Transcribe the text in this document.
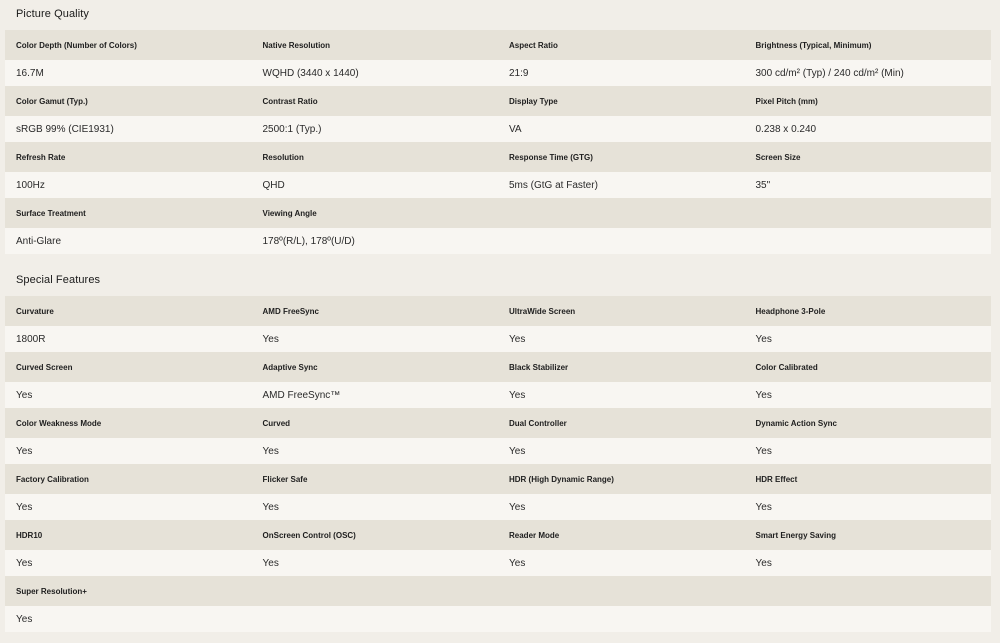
Picture Quality
Color Depth (Number of Colors)	Native Resolution	Aspect Ratio	Brightness (Typical, Minimum)
16.7M	WQHD (3440 x 1440)	21:9	300 cd/m² (Typ) / 240 cd/m² (Min)
Color Gamut (Typ.)	Contrast Ratio	Display Type	Pixel Pitch (mm)
sRGB 99% (CIE1931)	2500:1 (Typ.)	VA	0.238 x 0.240
Refresh Rate	Resolution	Response Time (GTG)	Screen Size
100Hz	QHD	5ms (GtG at Faster)	35"
Surface Treatment	Viewing Angle
Anti-Glare	178º(R/L), 178º(U/D)
Special Features
Curvature	AMD FreeSync	UltraWide Screen	Headphone 3-Pole
1800R	Yes	Yes	Yes
Curved Screen	Adaptive Sync	Black Stabilizer	Color Calibrated
Yes	AMD FreeSync™	Yes	Yes
Color Weakness Mode	Curved	Dual Controller	Dynamic Action Sync
Yes	Yes	Yes	Yes
Factory Calibration	Flicker Safe	HDR (High Dynamic Range)	HDR Effect
Yes	Yes	Yes	Yes
HDR10	OnScreen Control (OSC)	Reader Mode	Smart Energy Saving
Yes	Yes	Yes	Yes
Super Resolution+
Yes
